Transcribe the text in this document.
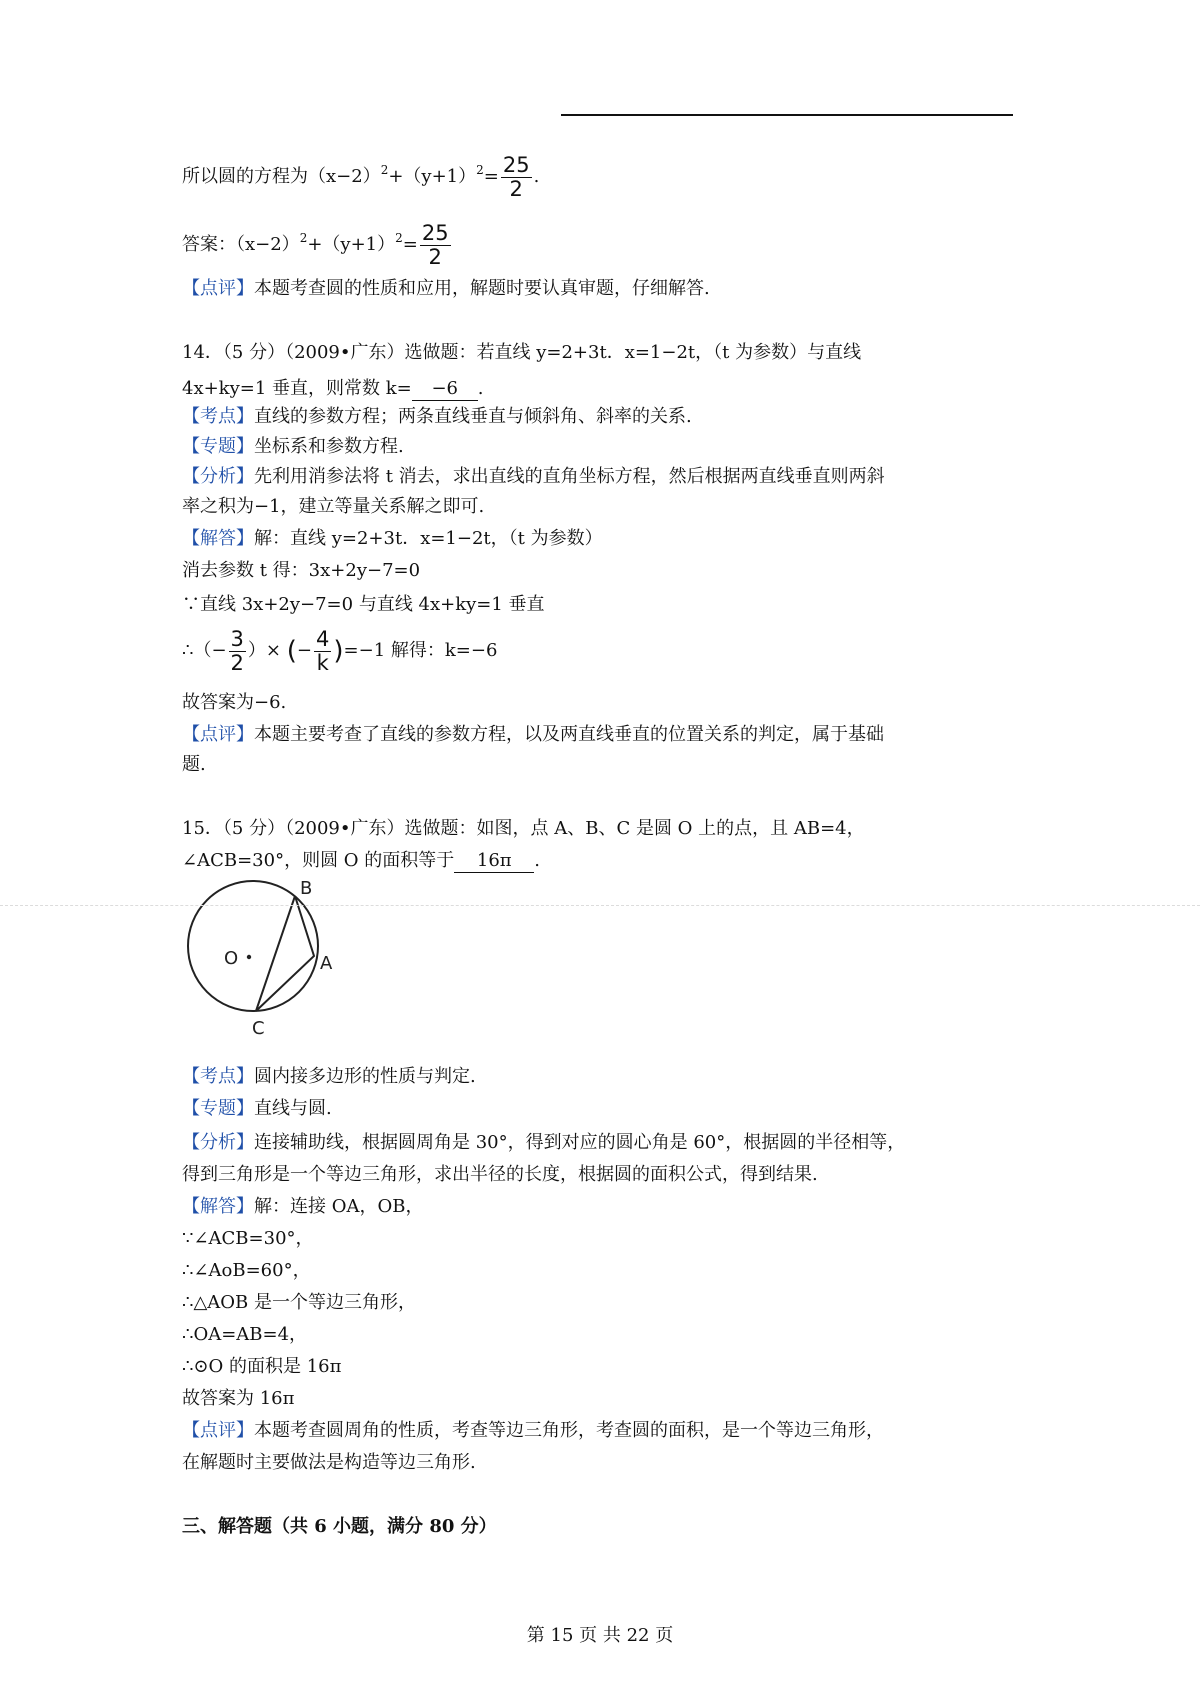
所以圆的方程为$(x-2)^2+(y+1)^2= \frac{25}{2}$ .
答案：$(x-2)^2+(y+1)^2= \frac{25}{2}$
【点评】本题考查圆的性质和应用，解题时要认真审题，仔细解答.
14．（5 分）（2009•广东）选做题：若直线 y=2+3t．x=1−2t，（t 为参数）与直线
4x+ky=1 垂直，则常数 k= −6 .
【考点】直线的参数方程；两条直线垂直与倾斜角、斜率的关系.
【专题】坐标系和参数方程.
【分析】先利用消参法将 t 消去，求出直线的直角坐标方程，然后根据两直线垂直则两斜
率之积为−1，建立等量关系解之即可.
【解答】解：直线 y=2+3t．x=1−2t，（t 为参数）
消去参数 t 得：3x+2y−7=0
∵直线 3x+2y−7=0 与直线 4x+ky=1 垂直
∴（− $\frac{3}{2}$ ）× (− $\frac{4}{k} )=-1$ 解得：k=−6
故答案为−6.
【点评】本题主要考查了直线的参数方程，以及两直线垂直的位置关系的判定，属于基础
题.
15．（5 分）（2009•广东）选做题：如图，点 A、B、C 是圆 O 上的点，且 AB=4，
∠ACB=30°，则圆 O 的面积等于 16π .
O
B
A
C
【考点】圆内接多边形的性质与判定.
【专题】直线与圆.
【分析】连接辅助线，根据圆周角是 30°，得到对应的圆心角是 60°，根据圆的半径相等，
得到三角形是一个等边三角形，求出半径的长度，根据圆的面积公式，得到结果.
【解答】解：连接 OA，OB，
∵∠ACB=30°，
∴∠AoB=60°，
∴△AOB 是一个等边三角形，
∴OA=AB=4，
∴⊙O 的面积是 16π
故答案为 16π
【点评】本题考查圆周角的性质，考查等边三角形，考查圆的面积，是一个等边三角形，
在解题时主要做法是构造等边三角形.
三、解答题（共 6 小题，满分 80 分）
第 15 页 共 22 页
